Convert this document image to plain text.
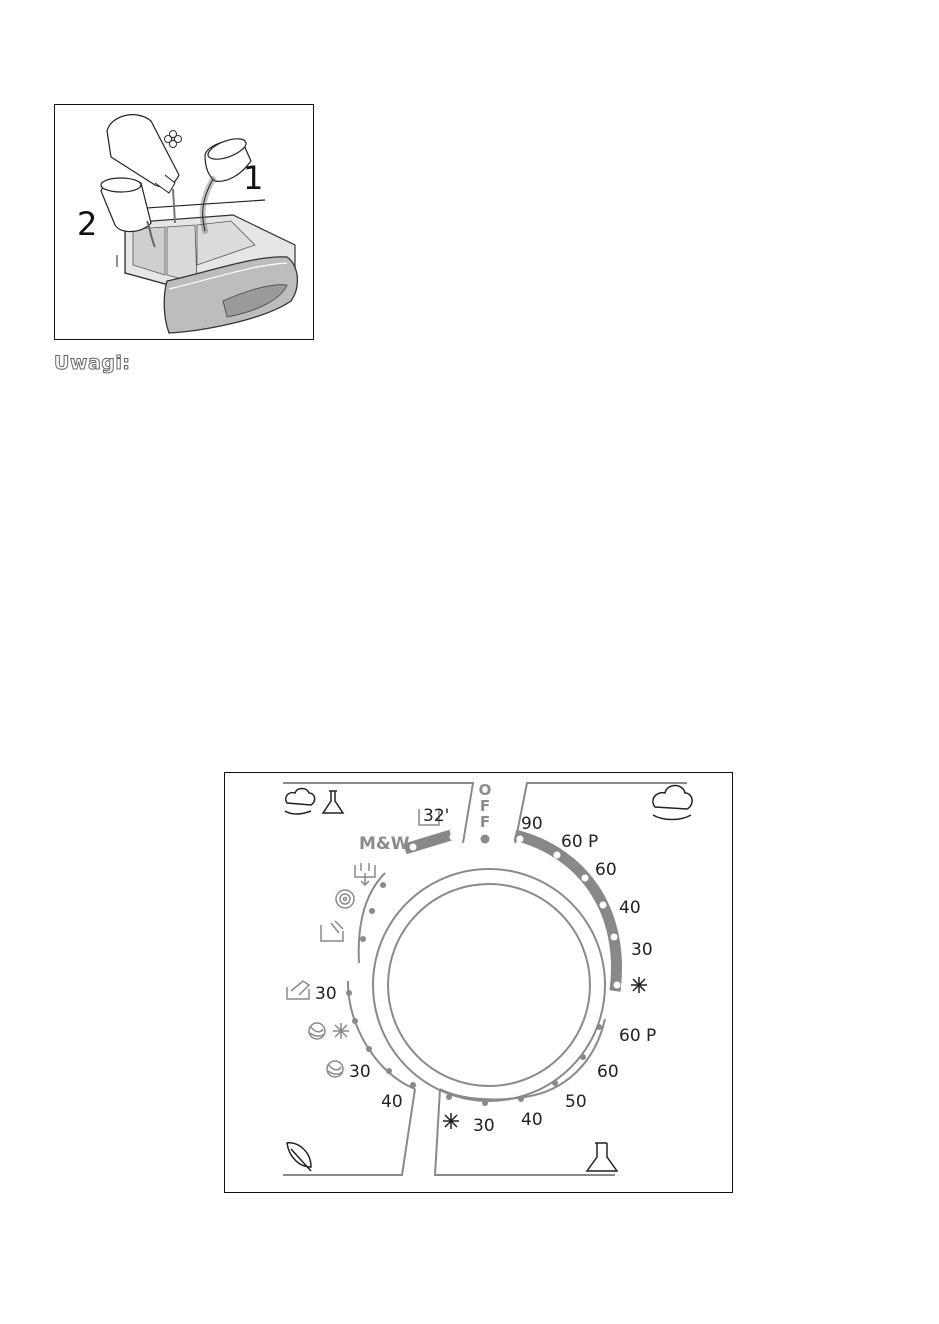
1
2
Uwagi:
O
F
F
M&W
32'
30
30
40
90
60 P
60
40
30
60 P
60
50
40
30
